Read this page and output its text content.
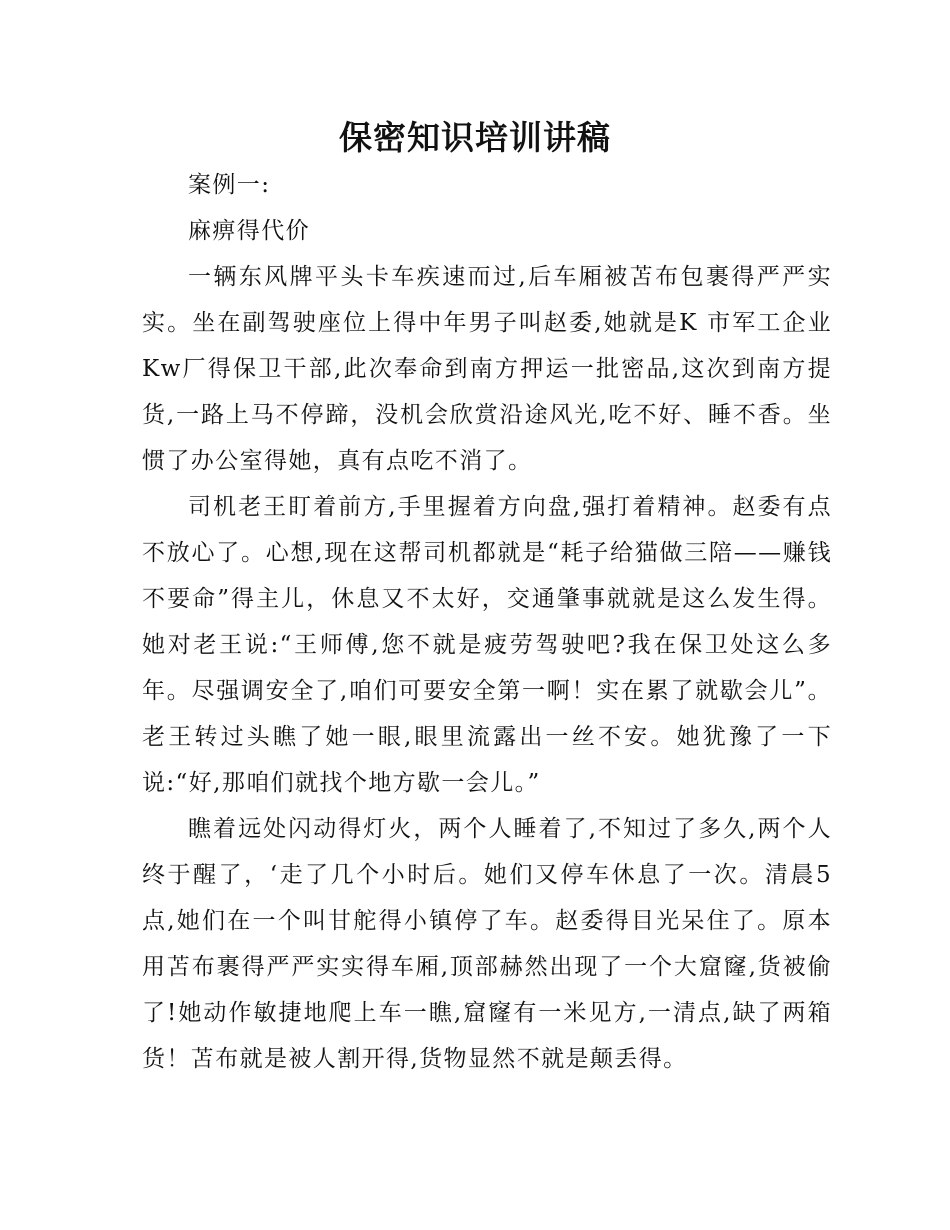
保密知识培训讲稿

案例一:

麻痹得代价

一辆东风牌平头卡车疾速而过,后车厢被苫布包裹得严严实实。坐在副驾驶座位上得中年男子叫赵委,她就是K 市军工企业Kw厂得保卫干部,此次奉命到南方押运一批密品,这次到南方提货,一路上马不停蹄，没机会欣赏沿途风光,吃不好、睡不香。坐惯了办公室得她，真有点吃不消了。

司机老王盯着前方,手里握着方向盘,强打着精神。赵委有点不放心了。心想,现在这帮司机都就是“耗子给猫做三陪——赚钱不要命”得主儿，休息又不太好，交通肇事就就是这么发生得。她对老王说:“王师傅,您不就是疲劳驾驶吧?我在保卫处这么多年。尽强调安全了,咱们可要安全第一啊！实在累了就歇会儿”。老王转过头瞧了她一眼,眼里流露出一丝不安。她犹豫了一下说:“好,那咱们就找个地方歇一会儿。”

瞧着远处闪动得灯火，两个人睡着了,不知过了多久,两个人终于醒了，‘走了几个小时后。她们又停车休息了一次。清晨5 点,她们在一个叫甘舵得小镇停了车。赵委得目光呆住了。原本用苫布裹得严严实实得车厢,顶部赫然出现了一个大窟窿,货被偷了!她动作敏捷地爬上车一瞧,窟窿有一米见方,一清点,缺了两箱货！苫布就是被人割开得,货物显然不就是颠丢得。
